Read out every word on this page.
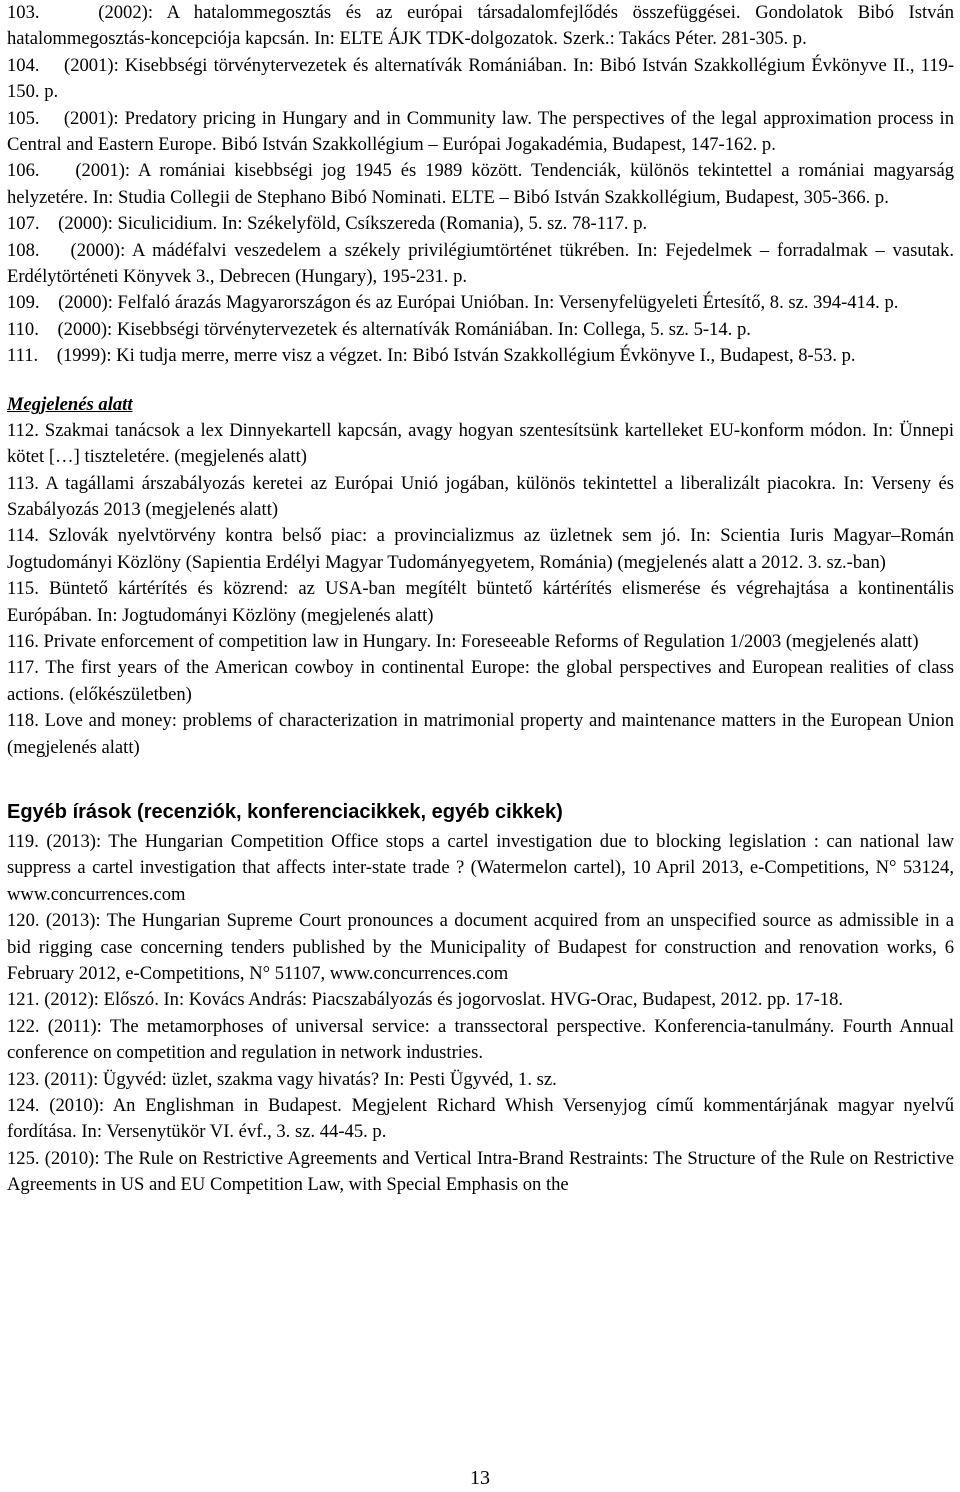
103.	(2002): A hatalommegosztás és az európai társadalomfejlődés összefüggései. Gondolatok Bibó István hatalommegosztás-koncepciója kapcsán. In: ELTE ÁJK TDK-dolgozatok. Szerk.: Takács Péter. 281-305. p.

104. (2001): Kisebbségi törvénytervezetek és alternatívák Romániában. In: Bibó István Szakkollégium Évkönyve II., 119-150. p.

105. (2001): Predatory pricing in Hungary and in Community law. The perspectives of the legal approximation process in Central and Eastern Europe. Bibó István Szakkollégium – Európai Jogakadémia, Budapest, 147-162. p.

106. (2001): A romániai kisebbségi jog 1945 és 1989 között. Tendenciák, különös tekintettel a romániai magyarság helyzetére. In: Studia Collegii de Stephano Bibó Nominati. ELTE – Bibó István Szakkollégium, Budapest, 305-366. p.

107. (2000): Siculicidium. In: Székelyföld, Csíkszereda (Romania), 5. sz. 78-117. p.

108. (2000): A mádéfalvi veszedelem a székely privilégiumtörténet tükrében. In: Fejedelmek – forradalmak – vasutak. Erdélytörténeti Könyvek 3., Debrecen (Hungary), 195-231. p.

109. (2000): Felfaló árazás Magyarországon és az Európai Unióban. In: Versenyfelügyeleti Értesítő, 8. sz. 394-414. p.

110. (2000): Kisebbségi törvénytervezetek és alternatívák Romániában. In: Collega, 5. sz. 5-14. p.

111. (1999): Ki tudja merre, merre visz a végzet. In: Bibó István Szakkollégium Évkönyve I., Budapest, 8-53. p.

Megjelenés alatt

112. Szakmai tanácsok a lex Dinnyekartell kapcsán, avagy hogyan szentesítsünk kartelleket EU-konform módon. In: Ünnepi kötet […] tiszteletére. (megjelenés alatt)

113. A tagállami árszabályozás keretei az Európai Unió jogában, különös tekintettel a liberalizált piacokra. In: Verseny és Szabályozás 2013 (megjelenés alatt)

114. Szlovák nyelvtörvény kontra belső piac: a provincializmus az üzletnek sem jó. In: Scientia Iuris Magyar–Román Jogtudományi Közlöny (Sapientia Erdélyi Magyar Tudományegyetem, Románia) (megjelenés alatt a 2012. 3. sz.-ban)

115. Büntető kártérítés és közrend: az USA-ban megítélt büntető kártérítés elismerése és végrehajtása a kontinentális Európában. In: Jogtudományi Közlöny (megjelenés alatt)

116. Private enforcement of competition law in Hungary. In: Foreseeable Reforms of Regulation 1/2003 (megjelenés alatt)

117. The first years of the American cowboy in continental Europe: the global perspectives and European realities of class actions. (előkészületben)

118. Love and money: problems of characterization in matrimonial property and maintenance matters in the European Union (megjelenés alatt)

Egyéb írások (recenziók, konferenciacikkek, egyéb cikkek)

119. (2013): The Hungarian Competition Office stops a cartel investigation due to blocking legislation : can national law suppress a cartel investigation that affects inter-state trade ? (Watermelon cartel), 10 April 2013, e-Competitions, N° 53124, www.concurrences.com

120. (2013): The Hungarian Supreme Court pronounces a document acquired from an unspecified source as admissible in a bid rigging case concerning tenders published by the Municipality of Budapest for construction and renovation works, 6 February 2012, e-Competitions, N° 51107, www.concurrences.com

121. (2012): Előszó. In: Kovács András: Piacszabályozás és jogorvoslat. HVG-Orac, Budapest, 2012. pp. 17-18.

122. (2011): The metamorphoses of universal service: a transsectoral perspective. Konferencia-tanulmány. Fourth Annual conference on competition and regulation in network industries.

123. (2011): Ügyvéd: üzlet, szakma vagy hivatás? In: Pesti Ügyvéd, 1. sz.

124. (2010): An Englishman in Budapest. Megjelent Richard Whish Versenyjog című kommentárjának magyar nyelvű fordítása. In: Versenytükör VI. évf., 3. sz. 44-45. p.

125. (2010): The Rule on Restrictive Agreements and Vertical Intra-Brand Restraints: The Structure of the Rule on Restrictive Agreements in US and EU Competition Law, with Special Emphasis on the

13
